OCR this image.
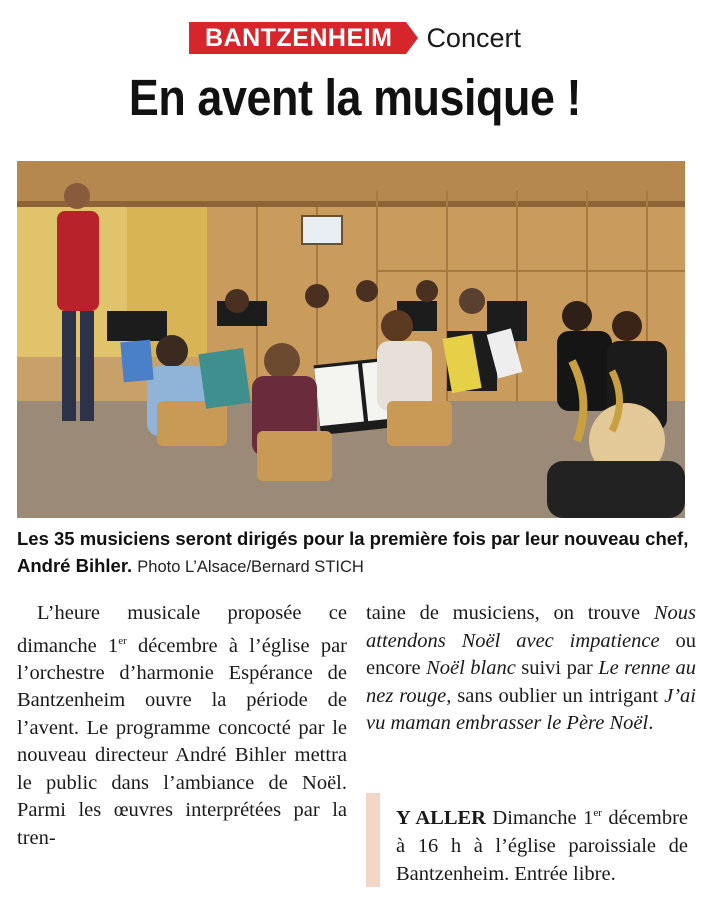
BANTZENHEIM	Concert
En avent la musique !
Les 35 musiciens seront dirigés pour la première fois par leur nouveau chef, André Bihler. Photo L’Alsace/Bernard STICH

L’heure musicale proposée ce dimanche 1er décembre à l’église par l’orchestre d’harmonie Espérance de Bantzenheim ouvre la période de l’avent. Le programme concocté par le nouveau directeur André Bihler mettra le public dans l’ambiance de Noël. Parmi les œuvres interprétées par la tren-

taine de musiciens, on trouve Nous attendons Noël avec impatience ou encore Noël blanc suivi par Le renne au nez rouge, sans oublier un intrigant J’ai vu maman embrasser le Père Noël.

Y ALLER Dimanche 1er décembre à 16 h à l’église paroissiale de Bantzenheim. Entrée libre.
